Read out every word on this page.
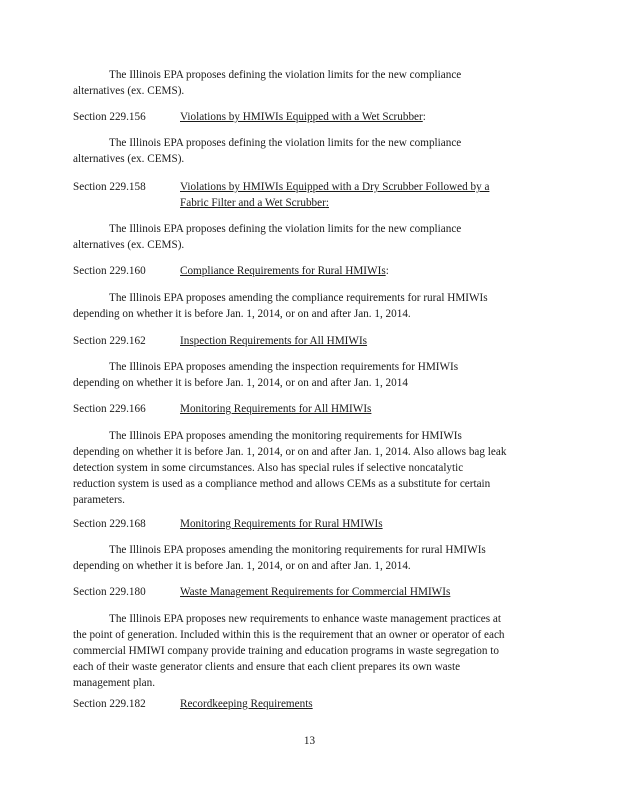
The Illinois EPA proposes defining the violation limits for the new compliance alternatives (ex. CEMS).

Section 229.156	Violations by HMIWIs Equipped with a Wet Scrubber:

The Illinois EPA proposes defining the violation limits for the new compliance alternatives (ex. CEMS).

Section 229.158	Violations by HMIWIs Equipped with a Dry Scrubber Followed by a Fabric Filter and a Wet Scrubber:

The Illinois EPA proposes defining the violation limits for the new compliance alternatives (ex. CEMS).

Section 229.160	Compliance Requirements for Rural HMIWIs:

The Illinois EPA proposes amending the compliance requirements for rural HMIWIs depending on whether it is before Jan. 1, 2014, or on and after Jan. 1, 2014.

Section 229.162	Inspection Requirements for All HMIWIs

The Illinois EPA proposes amending the inspection requirements for HMIWIs depending on whether it is before Jan. 1, 2014, or on and after Jan. 1, 2014

Section 229.166	Monitoring Requirements for All HMIWIs

The Illinois EPA proposes amending the monitoring requirements for HMIWIs depending on whether it is before Jan. 1, 2014, or on and after Jan. 1, 2014. Also allows bag leak detection system in some circumstances. Also has special rules if selective noncatalytic reduction system is used as a compliance method and allows CEMs as a substitute for certain parameters.

Section 229.168	Monitoring Requirements for Rural HMIWIs

The Illinois EPA proposes amending the monitoring requirements for rural HMIWIs depending on whether it is before Jan. 1, 2014, or on and after Jan. 1, 2014.

Section 229.180	Waste Management Requirements for Commercial HMIWIs

The Illinois EPA proposes new requirements to enhance waste management practices at the point of generation. Included within this is the requirement that an owner or operator of each commercial HMIWI company provide training and education programs in waste segregation to each of their waste generator clients and ensure that each client prepares its own waste management plan.

Section 229.182	Recordkeeping Requirements

13
